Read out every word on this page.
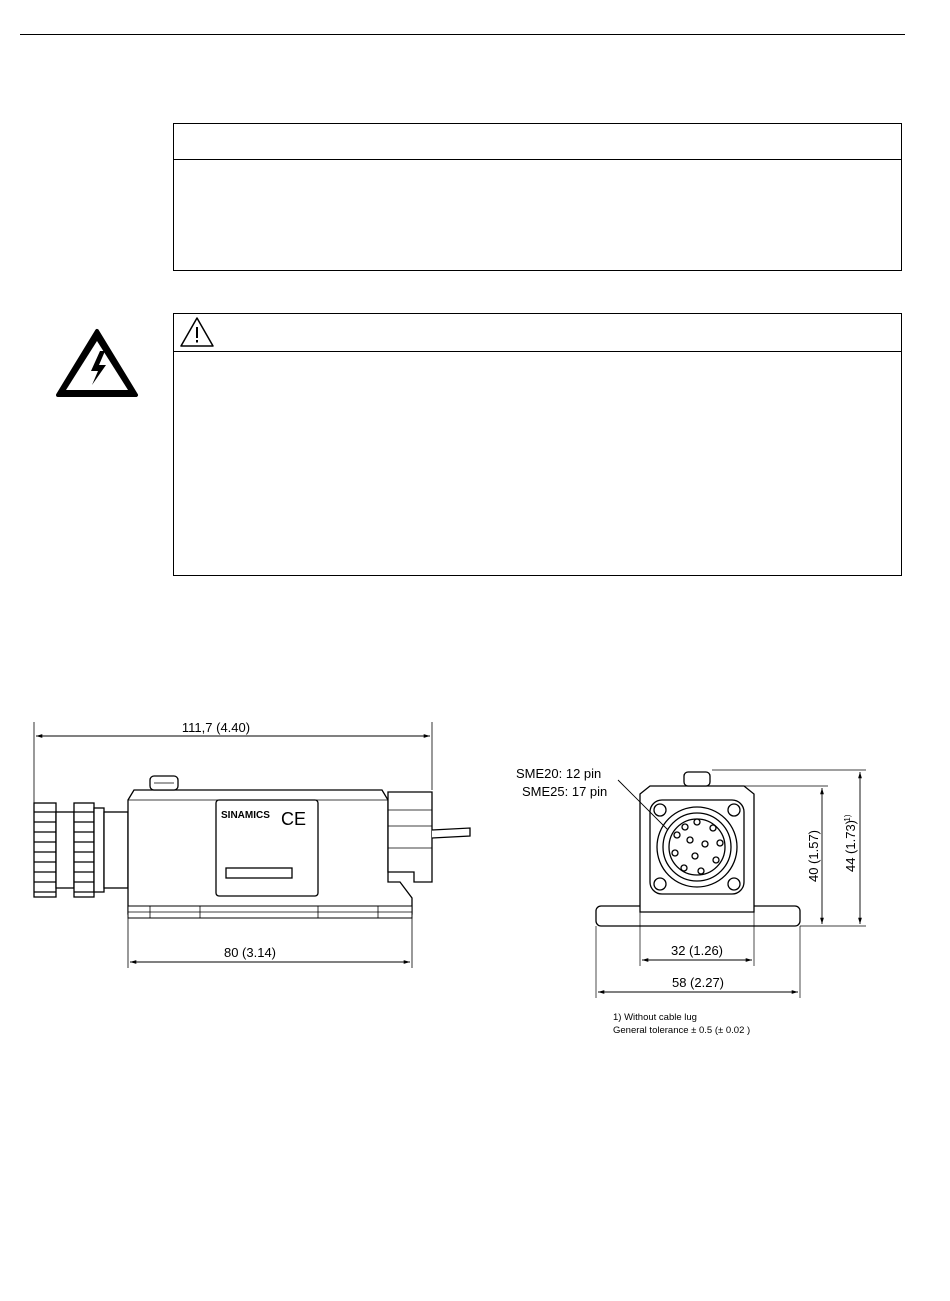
111,7 (4.40)
80 (3.14)
SINAMICS CE
SME20: 12 pin
SME25: 17 pin
40 (1.57) 44 (1.73)
1)
32 (1.26)
58 (2.27)
1) Without cable lug
General tolerance ± 0.5 (± 0.02 )
